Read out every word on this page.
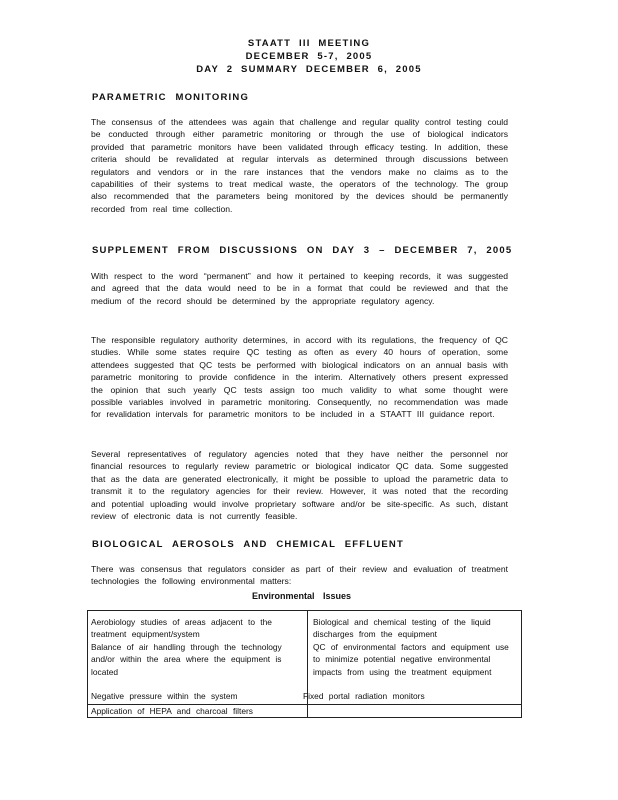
STAATT III MEETING
DECEMBER 5-7, 2005
DAY 2 SUMMARY DECEMBER 6, 2005
PARAMETRIC MONITORING

The consensus of the attendees was again that challenge and regular quality control testing could be conducted through either parametric monitoring or through the use of biological indicators provided that parametric monitors have been validated through efficacy testing. In addition, these criteria should be revalidated at regular intervals as determined through discussions between regulators and vendors or in the rare instances that the vendors make no claims as to the capabilities of their systems to treat medical waste, the operators of the technology. The group also recommended that the parameters being monitored by the devices should be permanently recorded from real time collection.

SUPPLEMENT FROM DISCUSSIONS ON DAY 3 – DECEMBER 7, 2005

With respect to the word “permanent” and how it pertained to keeping records, it was suggested and agreed that the data would need to be in a format that could be reviewed and that the medium of the record should be determined by the appropriate regulatory agency.

The responsible regulatory authority determines, in accord with its regulations, the frequency of QC studies. While some states require QC testing as often as every 40 hours of operation, some attendees suggested that QC tests be performed with biological indicators on an annual basis with parametric monitoring to provide confidence in the interim. Alternatively others present expressed the opinion that such yearly QC tests assign too much validity to what some thought were possible variables involved in parametric monitoring. Consequently, no recommendation was made for revalidation intervals for parametric monitors to be included in a STAATT III guidance report.

Several representatives of regulatory agencies noted that they have neither the personnel nor financial resources to regularly review parametric or biological indicator QC data. Some suggested that as the data are generated electronically, it might be possible to upload the parametric data to transmit it to the regulatory agencies for their review. However, it was noted that the recording and potential uploading would involve proprietary software and/or be site-specific. As such, distant review of electronic data is not currently feasible.

BIOLOGICAL AEROSOLS AND CHEMICAL EFFLUENT

There was consensus that regulators consider as part of their review and evaluation of treatment technologies the following environmental matters:

Environmental Issues
Aerobiology studies of areas adjacent to the treatment equipment/system
Balance of air handling through the technology and/or within the area where the equipment is located
Negative pressure within the system
Application of HEPA and charcoal filters
Biological and chemical testing of the liquid discharges from the equipment
QC of environmental factors and equipment use to minimize potential negative environmental impacts from using the treatment equipment
Fixed portal radiation monitors
